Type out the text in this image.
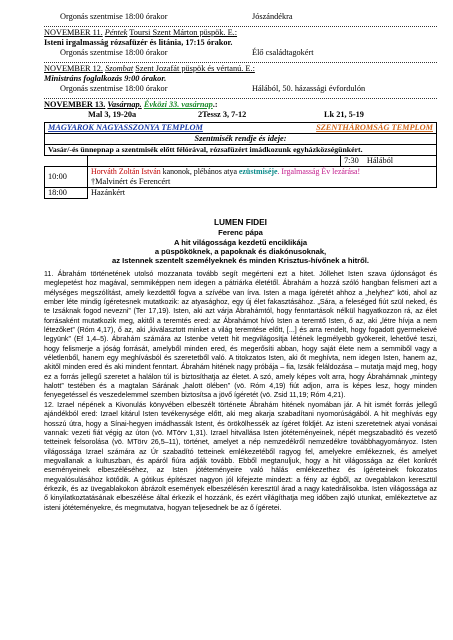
Orgonás szentmise 18:00 órakor	Jószándékra
NOVEMBER 11. Péntek Toursi Szent Márton püspök. E.:
Isteni irgalmasság rózsafüzér és litánia, 17:15 órakor.
Orgonás szentmise 18:00 órakor	Élő családtagokért
NOVEMBER 12. Szombat Szent Jozafát püspök és vértanú. E.:
Ministráns foglalkozás 9:00 órakor.
Orgonás szentmise 18:00 órakor	Hálából, 50. házassági évfordulón
NOVEMBER 13. Vasárnap. Évközi 33. vasárnap.:
Mal 3, 19-20a	2Tessz 3, 7-12	Lk 21, 5-19
MAGYAROK NAGYASSZONYA TEMPLOM SZENTHÁROMSÁG TEMPLOM		

Szentmisék rendje és ideje:		
Vasár/-és ünnepnap a szentmisék előtt félórával, rózsafüzért imádkozunk egyházközségünkért.		
		7:30 Hálából
10:00	Horváth Zoltán István kanonok, plébános atya ezüstmiséje. Irgalmasság Év lezárása!
†Malvinért és Ferencért	

18:00	Hazánkért	
LUMEN FIDEI
Ferenc pápa
A hit világosságа kezdetű enciklikája
a püspököknek, a papoknak és diakónusoknak,
az Istennek szentelt személyeknek és minden Krisztus-hívőnek a hitről.

11. Ábrahám történetének utolsó mozzanata tovább segít megérteni ezt a hitet. Jóllehet Isten szava újdonságot és meglepetést hoz magával, semmiképpen nem idegen a pátriárka életétől. Ábrahám a hozzá szóló hangban felismeri azt a mélységes megszólítást, amely kezdettől fogva a szívébe van írva. Isten a maga ígéretét ahhoz a „helyhez” köti, ahol az ember léte mindig ígéretesnek mutatkozik: az atyasághoz, egy új élet fakasztásához. „Sára, a feleséged fiút szül neked, és te Izsáknak fogod nevezni” (Ter 17,19). Isten, aki azt várja Ábrahámtól, hogy fenntartások nélkül hagyatkozzon rá, az élet forrásaként mutatkozik meg, akitől a teremtés ered: az Ábrahámot hívó Isten a teremtő Isten, ő az, aki „létre hívja a nem létezőket” (Róm 4,17), ő az, aki „kiválasztott minket a világ teremtése előtt, [...] és arra rendelt, hogy fogadott gyermekeivé legyünk” (Ef 1,4–5). Ábrahám számára az Istenbe vetett hit megvilágosítja létének legmélyebb gyökereit, lehetővé teszi, hogy felismerje a jóság forrását, amelyből minden ered, és megerősíti abban, hogy saját élete nem a semmiből vagy a véletlenből, hanem egy meghívásból és szeretetből való. A titokzatos Isten, aki őt meghívta, nem idegen Isten, hanem az, akitől minden ered és aki mindent fenntart. Ábrahám hitének nagy próbája – fia, Izsák feláldozása – mutatja majd meg, hogy ez a forrás jellegű szeretet a halálon túl is biztosíthatja az életet. A szó, amely képes volt arra, hogy Ábrahámnak „mintegy halott” testében és a magtalan Sárának „halott ölében” (vö. Róm 4,19) fiút adjon, arra is képes lesz, hogy minden fenyegetéssel és veszedelemmel szemben biztosítsa a jövő ígéretét (vö. Zsid 11,19; Róm 4,21).

12. Izrael népének a Kivonulás könyvében elbeszélt története Ábrahám hitének nyomában jár. A hit ismét forrás jellegű ajándékból ered: Izrael kitárul Isten tevékenysége előtt, aki meg akarja szabadítani nyomorúságából. A hit meghívás egy hosszú útra, hogy a Sínai-hegyen imádhassák Istent, és örökölhessék az ígéret földjét. Az isteni szeretetnek atyai vonásai vannak: vezeti fiát végig az úton (vö. MTörv 1,31). Izrael hitvallása Isten jótéteményeinek, népét megszabadító és vezető tetteinek felsorolása (vö. MTörv 26,5–11), történet, amelyet a nép nemzedékről nemzedékre továbbhagyományoz. Isten világossága Izrael számára az Úr szabadító tetteinek emlékezetéből ragyog fel, amelyekre emlékeznek, és amelyet megvallanak a kultuszban, és apáról fiúra adják tovább. Ebből megtanuljuk, hogy a hit világossága az élet konkrét eseményeinek elbeszéléséhez, az Isten jótéteményeire való hálás emlékezethez és ígéreteinek fokozatos megvalósulásához kötődik. A gótikus építészet nagyon jól kifejezte mindezt: a fény az égből, az üvegablakon keresztül érkezik, és az üvegablakokon ábrázolt események elbeszélésén keresztül árad a nagy katedrálisokba. Isten világossága az ő kinyilatkoztatásának elbeszélése által érkezik el hozzánk, és ezért világíthatja meg időben zajló utunkat, emlékeztetve az isteni jótéteményekre, és megmutatva, hogyan teljesednek be az ő ígéretei.
